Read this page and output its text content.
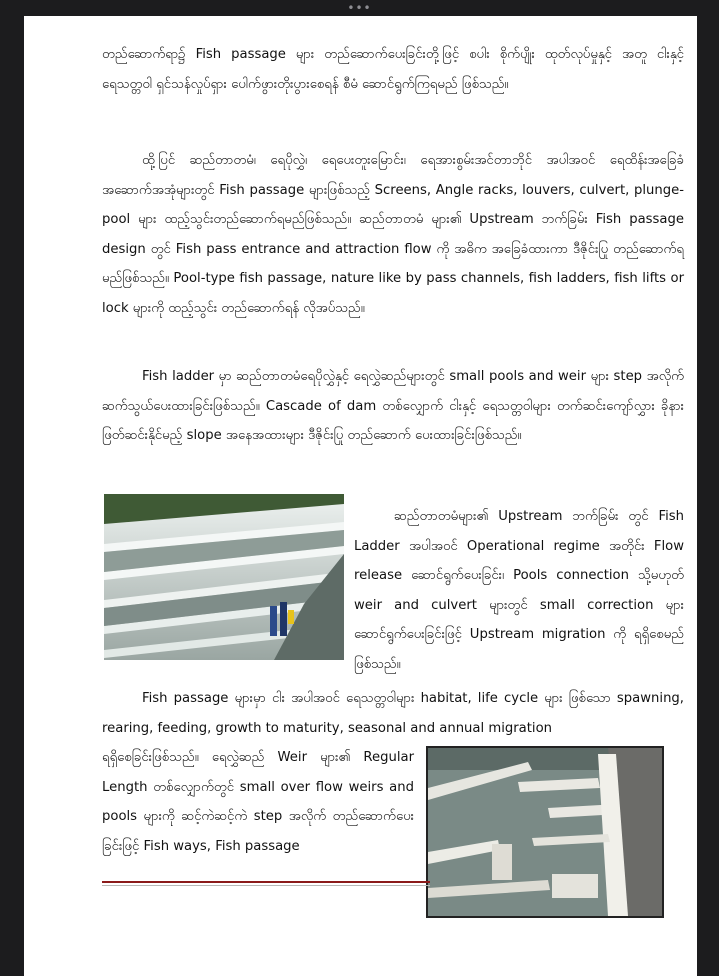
•••
တည်ဆောက်ရာ၌ Fish passage များ တည်ဆောက်ပေးခြင်းတို့ဖြင့် စပါး စိုက်ပျိုး ထုတ်လုပ်မှုနှင့် အတူ ငါးနှင့် ရေသတ္တဝါ ရှင်သန်လှုပ်ရှား ပေါက်ဖွားတိုးပွားစေရန် စီမံ ဆောင်ရွက်ကြရမည် ဖြစ်သည်။
ထို့ပြင် ဆည်တာတမံ၊ ရေပို‌လွှဲ၊ ရေပေးတူးမြောင်း၊ ရေအားစွမ်းအင်တာဘိုင် အပါအဝင် ရေထိန်းအခြေခံအဆောက်အအုံများတွင် Fish passage များဖြစ်သည့် Screens, Angle racks, louvers, culvert, plunge-pool များ ထည့်သွင်းတည်ဆောက်ရမည်ဖြစ်သည်။ ဆည်တာတမံ များ၏ Upstream ဘက်ခြမ်း Fish passage design တွင် Fish pass entrance and attraction flow ကို အဓိက အခြေခံထားကာ ဒီဇိုင်းပြု တည်ဆောက်ရမည်ဖြစ်သည်။ Pool-type fish passage, nature like by pass channels, fish ladders, fish lifts or lock များကို ထည့်သွင်း တည်ဆောက်ရန် လိုအပ်သည်။
Fish ladder မှာ ဆည်တာတမံရေပိုလွှဲနှင့် ရေလွှဲဆည်များတွင် small pools and weir များ step အလိုက် ဆက်သွယ်ပေးထားခြင်းဖြစ်သည်။ Cascade of dam တစ်လျှောက် ငါးနှင့် ရေသတ္တဝါများ တက်ဆင်းကျော်လွှား ခိုနားဖြတ်ဆင်းနိုင်မည့် slope အနေအထားများ ဒီဇိုင်းပြု တည်ဆောက် ပေးထားခြင်းဖြစ်သည်။
ဆည်တာတမံများ၏ Upstream ဘက်ခြမ်း တွင် Fish Ladder အပါအဝင် Operational regime အတိုင်း Flow release ဆောင်ရွက်ပေးခြင်း၊ Pools connection သို့မဟုတ် weir and culvert များတွင် small correction များ ဆောင်ရွက်ပေးခြင်းဖြင့် Upstream migration ကို ရရှိစေမည်ဖြစ်သည်။
Fish passage များမှာ ငါး အပါအဝင် ရေသတ္တဝါများ habitat, life cycle များ ဖြစ်သော spawning, rearing, feeding, growth to maturity, seasonal and annual migration
ရရှိစေခြင်းဖြစ်သည်။ ရေလွှဲဆည် Weir များ၏ Regular Length တစ်လျှောက်တွင် small over flow weirs and pools များကို ဆင့်ကဲဆင့်ကဲ step အလိုက် တည်ဆောက်ပေးခြင်းဖြင့် Fish ways, Fish passage
